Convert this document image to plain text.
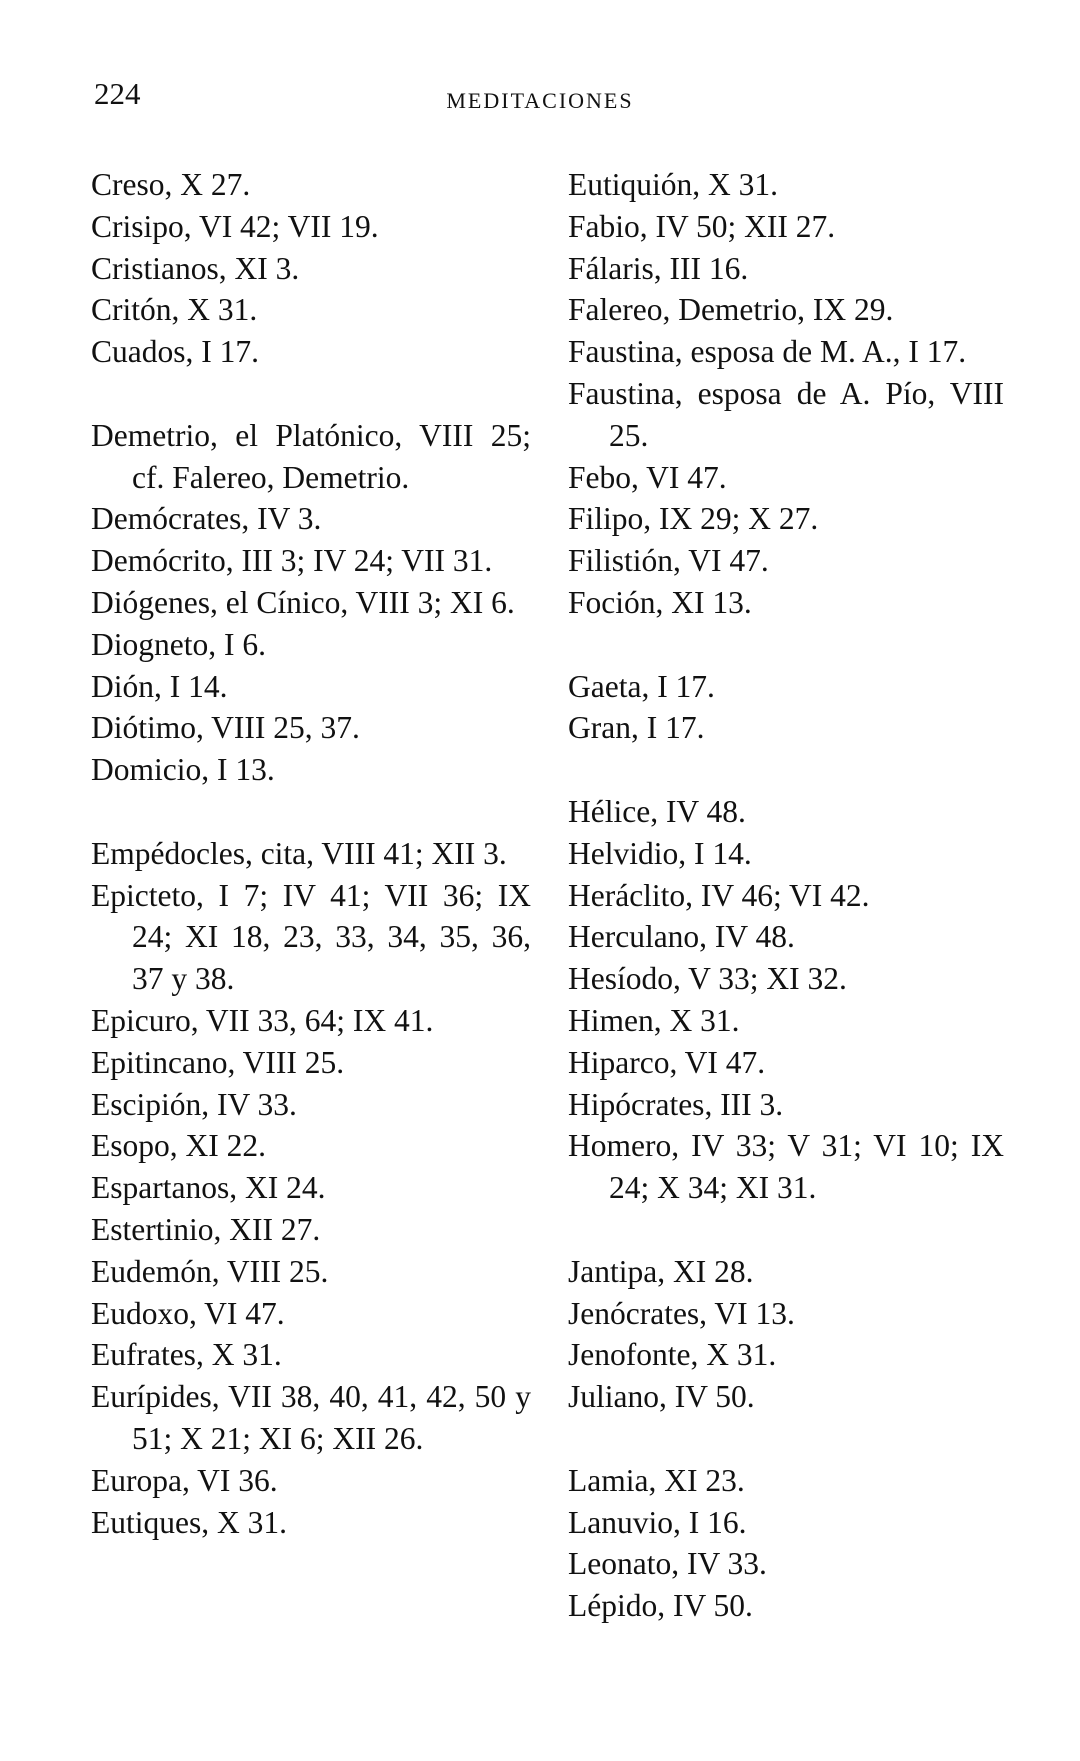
224	MEDITACIONES
Creso, X 27.
Crisipo, VI 42; VII 19.
Cristianos, XI 3.
Critón, X 31.
Cuados, I 17.
Demetrio, el Platónico, VIII 25; cf. Falereo, Demetrio.
Demócrates, IV 3.
Demócrito, III 3; IV 24; VII 31.
Diógenes, el Cínico, VIII 3; XI 6.
Diogneto, I 6.
Dión, I 14.
Diótimo, VIII 25, 37.
Domicio, I 13.
Empédocles, cita, VIII 41; XII 3.
Epicteto, I 7; IV 41; VII 36; IX 24; XI 18, 23, 33, 34, 35, 36, 37 y 38.
Epicuro, VII 33, 64; IX 41.
Epitincano, VIII 25.
Escipión, IV 33.
Esopo, XI 22.
Espartanos, XI 24.
Estertinio, XII 27.
Eudemón, VIII 25.
Eudoxo, VI 47.
Eufrates, X 31.
Eurípides, VII 38, 40, 41, 42, 50 y 51; X 21; XI 6; XII 26.
Europa, VI 36.
Eutiques, X 31.
Eutiquión, X 31.
Fabio, IV 50; XII 27.
Fálaris, III 16.
Falereo, Demetrio, IX 29.
Faustina, esposa de M. A., I 17.
Faustina, esposa de A. Pío, VIII 25.
Febo, VI 47.
Filipo, IX 29; X 27.
Filistión, VI 47.
Foción, XI 13.
Gaeta, I 17.
Gran, I 17.
Hélice, IV 48.
Helvidio, I 14.
Heráclito, IV 46; VI 42.
Herculano, IV 48.
Hesíodo, V 33; XI 32.
Himen, X 31.
Hiparco, VI 47.
Hipócrates, III 3.
Homero, IV 33; V 31; VI 10; IX 24; X 34; XI 31.
Jantipa, XI 28.
Jenócrates, VI 13.
Jenofonte, X 31.
Juliano, IV 50.
Lamia, XI 23.
Lanuvio, I 16.
Leonato, IV 33.
Lépido, IV 50.
